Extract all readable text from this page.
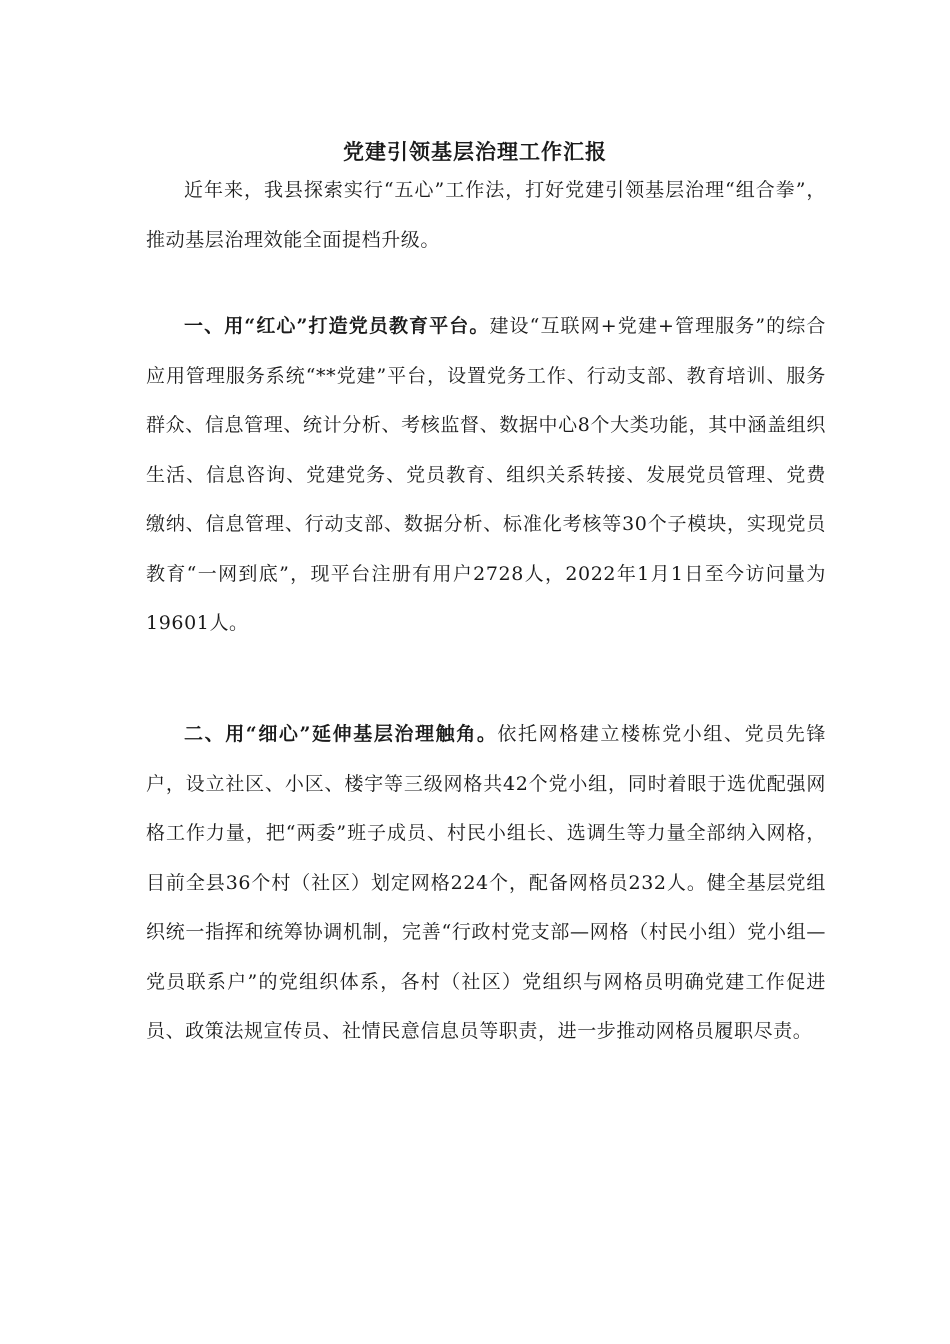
党建引领基层治理工作汇报

近年来，我县探索实行“五心”工作法，打好党建引领基层治理“组合拳”，推动基层治理效能全面提档升级。

一、用“红心”打造党员教育平台。建设“互联网+党建+管理服务”的综合应用管理服务系统“**党建”平台，设置党务工作、行动支部、教育培训、服务群众、信息管理、统计分析、考核监督、数据中心8个大类功能，其中涵盖组织生活、信息咨询、党建党务、党员教育、组织关系转接、发展党员管理、党费缴纳、信息管理、行动支部、数据分析、标准化考核等30个子模块，实现党员教育“一网到底”，现平台注册有用户2728人，2022年1月1日至今访问量为19601人。

二、用“细心”延伸基层治理触角。依托网格建立楼栋党小组、党员先锋户，设立社区、小区、楼宇等三级网格共42个党小组，同时着眼于选优配强网格工作力量，把“两委”班子成员、村民小组长、选调生等力量全部纳入网格，目前全县36个村（社区）划定网格224个，配备网格员232人。健全基层党组织统一指挥和统筹协调机制，完善“行政村党支部—网格（村民小组）党小组—党员联系户”的党组织体系，各村（社区）党组织与网格员明确党建工作促进员、政策法规宣传员、社情民意信息员等职责，进一步推动网格员履职尽责。
